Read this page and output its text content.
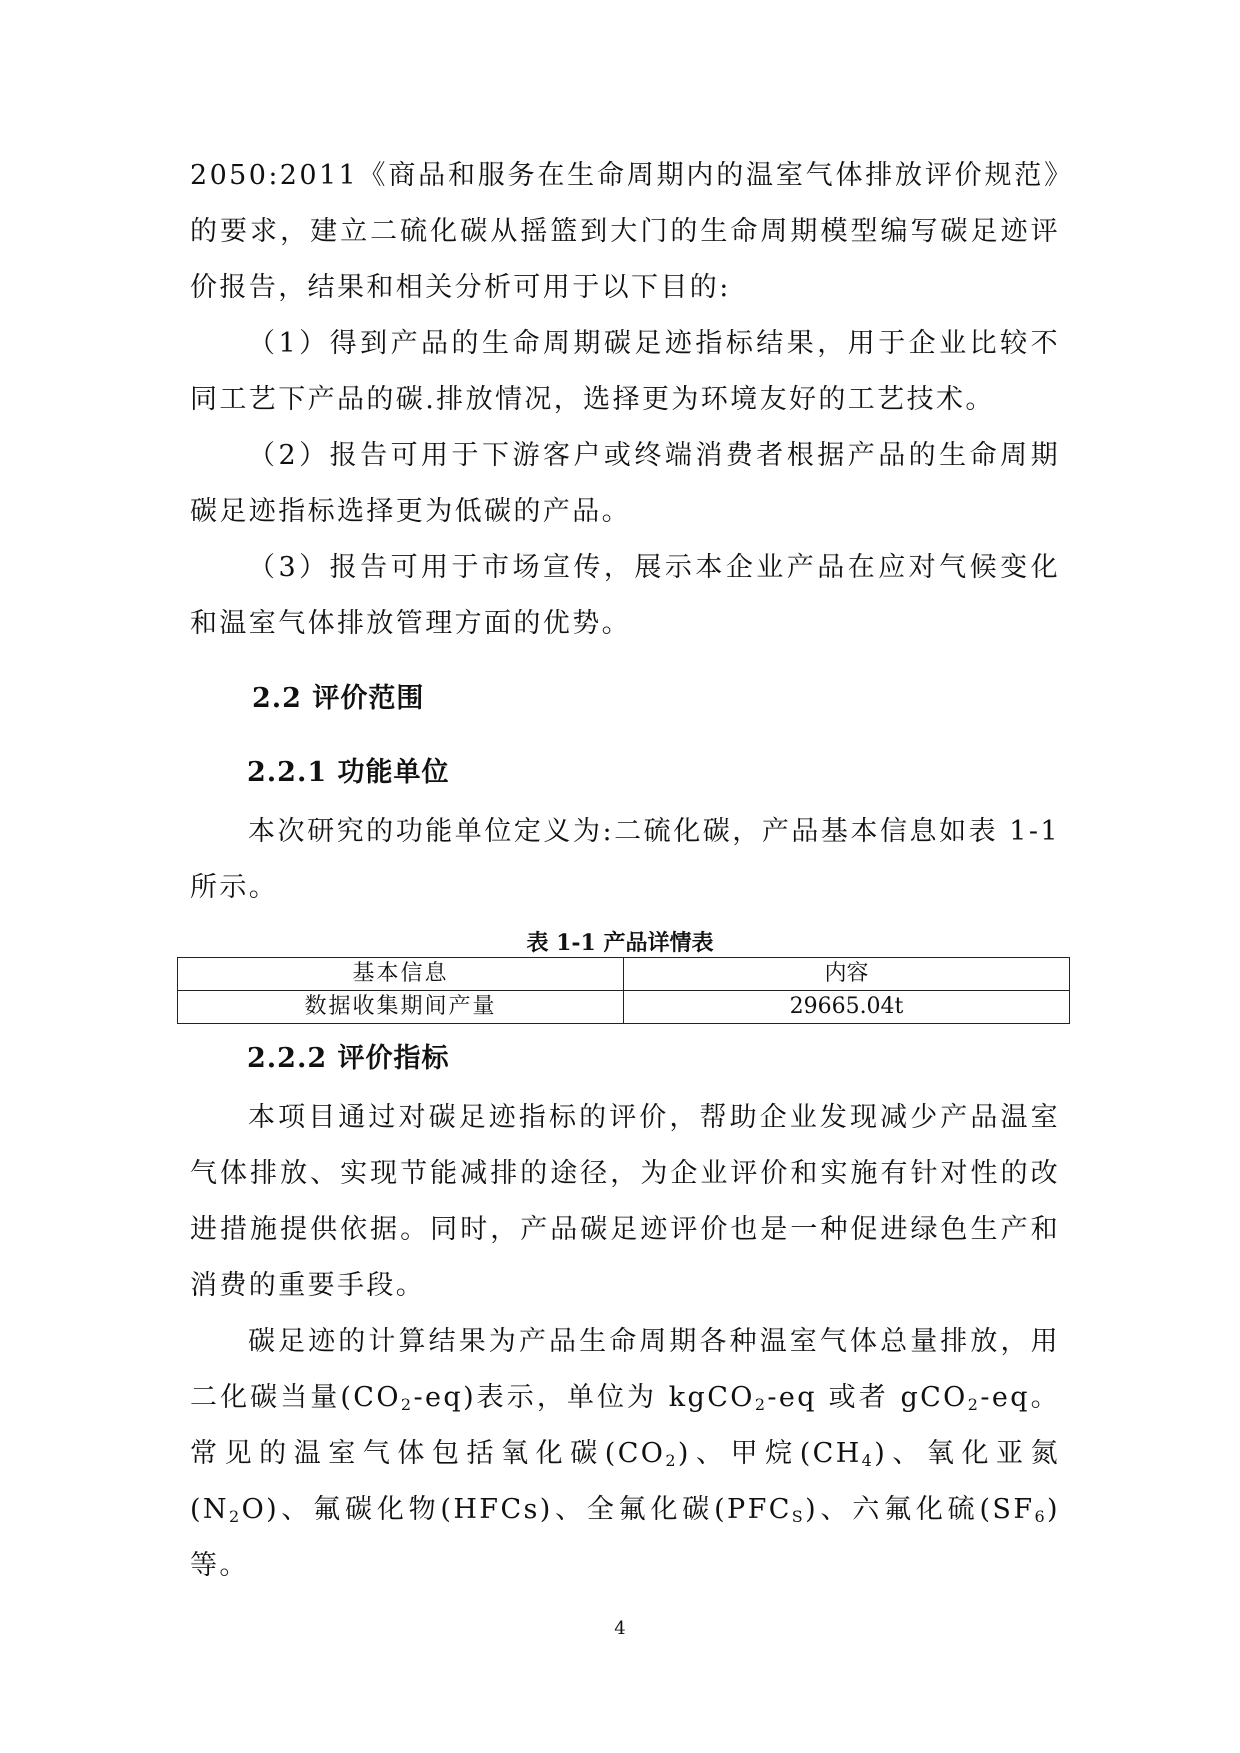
2050:2011《商品和服务在生命周期内的温室气体排放评价规范》的要求，建立二硫化碳从摇篮到大门的生命周期模型编写碳足迹评价报告，结果和相关分析可用于以下目的:

（1）得到产品的生命周期碳足迹指标结果，用于企业比较不同工艺下产品的碳.排放情况，选择更为环境友好的工艺技术。

（2）报告可用于下游客户或终端消费者根据产品的生命周期碳足迹指标选择更为低碳的产品。

（3）报告可用于市场宣传，展示本企业产品在应对气候变化和温室气体排放管理方面的优势。

2.2 评价范围
2.2.1 功能单位

本次研究的功能单位定义为:二硫化碳，产品基本信息如表 1-1 所示。

表 1-1 产品详情表

基本信息	内容
数据收集期间产量	29665.04t
2.2.2 评价指标

本项目通过对碳足迹指标的评价，帮助企业发现减少产品温室气体排放、实现节能减排的途径，为企业评价和实施有针对性的改进措施提供依据。同时，产品碳足迹评价也是一种促进绿色生产和消费的重要手段。

碳足迹的计算结果为产品生命周期各种温室气体总量排放，用二化碳当量$(CO_2-eq)$表示，单位为 kgCO$_2$-eq 或者 gCO$_2$-eq。常见的温室气体包括氧化碳$(CO_2)$、甲烷$(CH_4)$、氧化亚氮$(N_2O)$、氟碳化物(HFCs)、全氟化碳$(PFC_S)$、六氟化硫$(SF_6)$等。

4
